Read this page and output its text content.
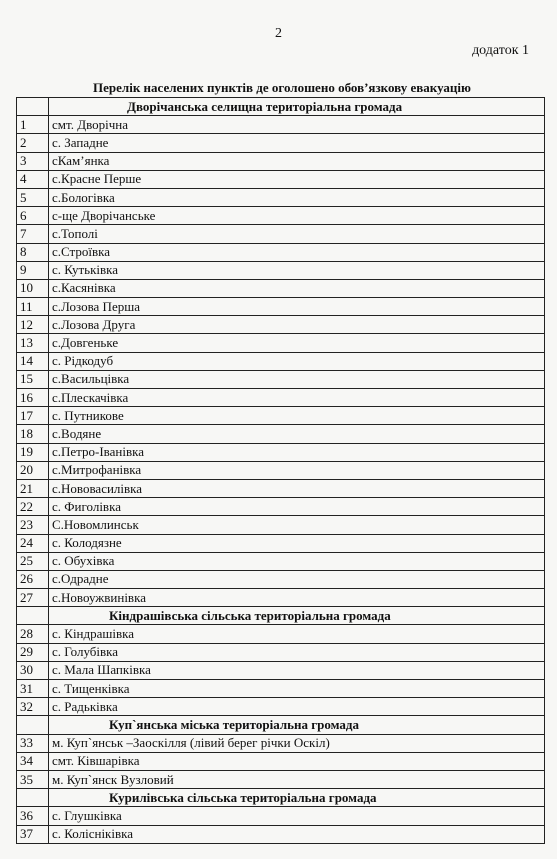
2
додаток 1
Перелік населених пунктів де оголошено обов’язкову евакуацію
	Дворічанська селищна територіальна громада
1	смт. Дворічна
2	с. Западне
3	сКам’янка
4	с.Красне Перше
5	с.Бологівка
6	с-ще Дворічанське
7	с.Тополі
8	с.Строївка
9	с. Кутьківка
10	с.Касянівка
11	с.Лозова Перша
12	с.Лозова Друга
13	с.Довгеньке
14	с. Рідкодуб
15	с.Васильцівка
16	с.Плескачівка
17	с. Путникове
18	с.Водяне
19	с.Петро-Іванівка
20	с.Митрофанівка
21	с.Нововасилівка
22	с. Фиголівка
23	С.Новомлинськ
24	с. Колодязне
25	с. Обухівка
26	с.Одрадне
27	с.Новоужвинівка
	Кіндрашівська сільська територіальна громада
28	с. Кіндрашівка
29	с. Голубівка
30	с. Мала Шапківка
31	с. Тищенківка
32	с. Радьківка
	Куп`янська міська територіальна громада
33	м. Куп`янськ –Заоскілля (лівий берег річки Оскіл)
34	смт. Ківшарівка
35	м. Куп`янск Вузловий
	Курилівська сільська територіальна громада
36	с. Глушківка
37	с. Колісніківка
